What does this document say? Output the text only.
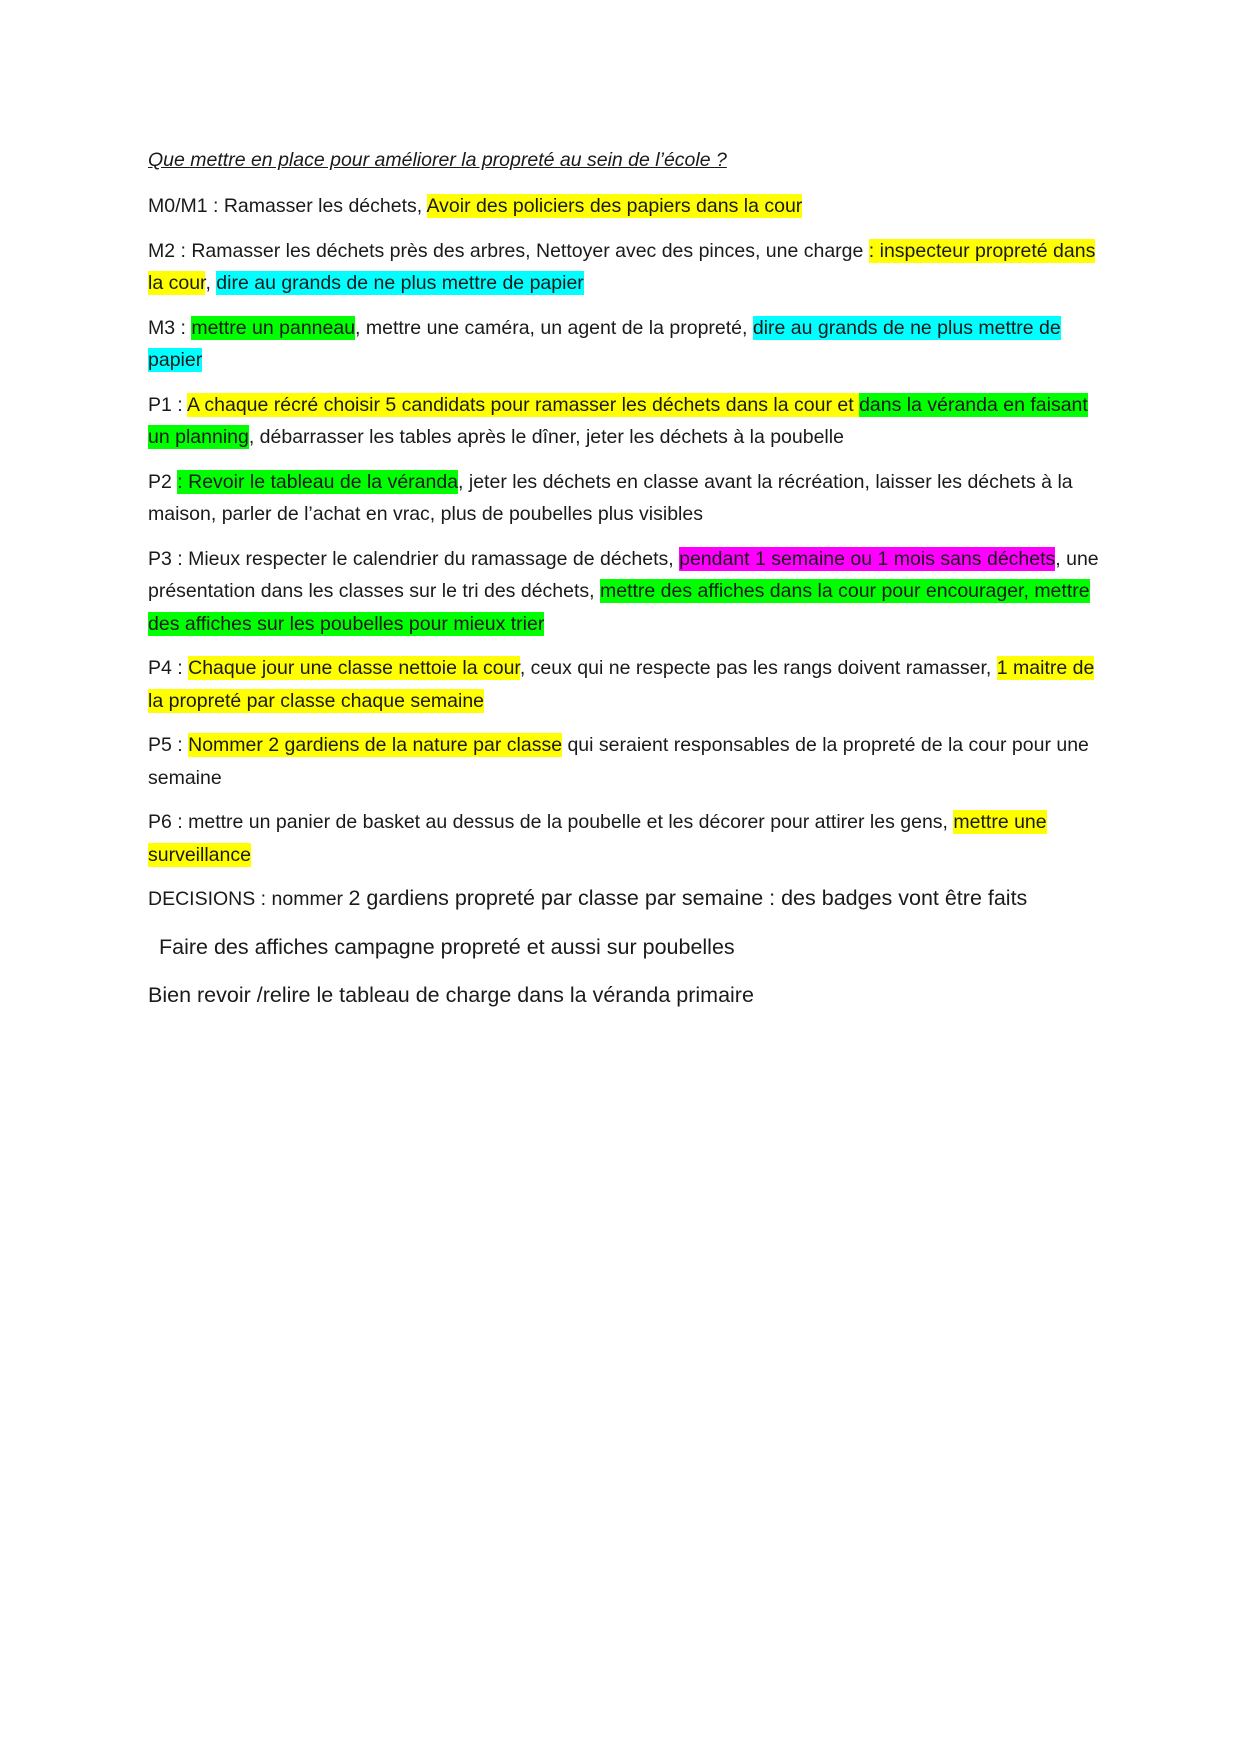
Que mettre en place pour améliorer la propreté au sein de l’école ?

M0/M1 : Ramasser les déchets, Avoir des policiers des papiers dans la cour

M2 : Ramasser les déchets près des arbres, Nettoyer avec des pinces, une charge : inspecteur propreté dans la cour, dire au grands de ne plus mettre de papier

M3 : mettre un panneau, mettre une caméra, un agent de la propreté, dire au grands de ne plus mettre de papier

P1 : A chaque récré choisir 5 candidats pour ramasser les déchets dans la cour et dans la véranda en faisant un planning, débarrasser les tables après le dîner, jeter les déchets à la poubelle

P2 : Revoir le tableau de la véranda, jeter les déchets en classe avant la récréation, laisser les déchets à la maison, parler de l’achat en vrac, plus de poubelles plus visibles

P3 : Mieux respecter le calendrier du ramassage de déchets, pendant 1 semaine ou 1 mois sans déchets, une présentation dans les classes sur le tri des déchets, mettre des affiches dans la cour pour encourager, mettre des affiches sur les poubelles pour mieux trier

P4 : Chaque jour une classe nettoie la cour, ceux qui ne respecte pas les rangs doivent ramasser, 1 maitre de la propreté par classe chaque semaine

P5 : Nommer 2 gardiens de la nature par classe qui seraient responsables de la propreté de la cour pour une semaine

P6 : mettre un panier de basket au dessus de la poubelle et les décorer pour attirer les gens, mettre une surveillance

DECISIONS : nommer 2 gardiens propreté par classe par semaine : des badges vont être faits

Faire des affiches campagne propreté et aussi sur poubelles

Bien revoir /relire le tableau de charge dans la véranda primaire
